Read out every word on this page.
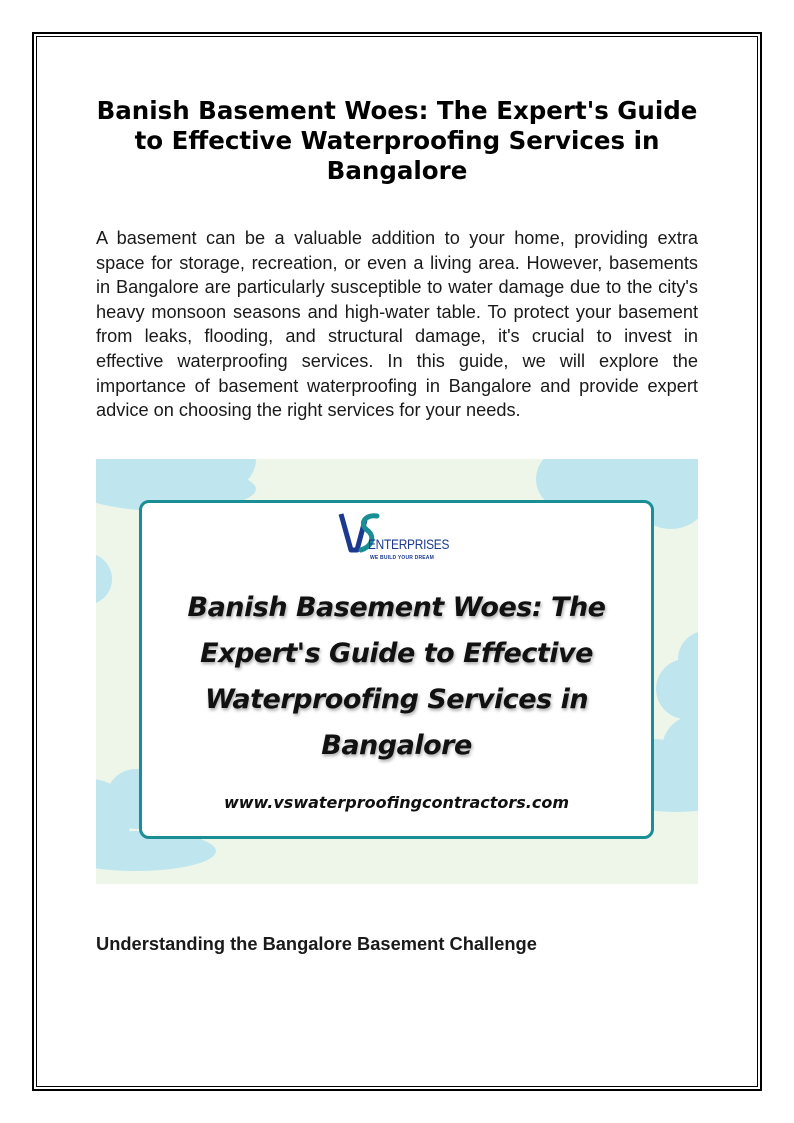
Banish Basement Woes: The Expert's Guide to Effective Waterproofing Services in Bangalore

A basement can be a valuable addition to your home, providing extra space for storage, recreation, or even a living area. However, basements in Bangalore are particularly susceptible to water damage due to the city's heavy monsoon seasons and high-water table. To protect your basement from leaks, flooding, and structural damage, it's crucial to invest in effective waterproofing services. In this guide, we will explore the importance of basement waterproofing in Bangalore and provide expert advice on choosing the right services for your needs.

ENTERPRISES
WE BUILD YOUR DREAM
Banish Basement Woes: The Expert's Guide to Effective Waterproofing Services in Bangalore
www.vswaterproofingcontractors.com
Understanding the Bangalore Basement Challenge
